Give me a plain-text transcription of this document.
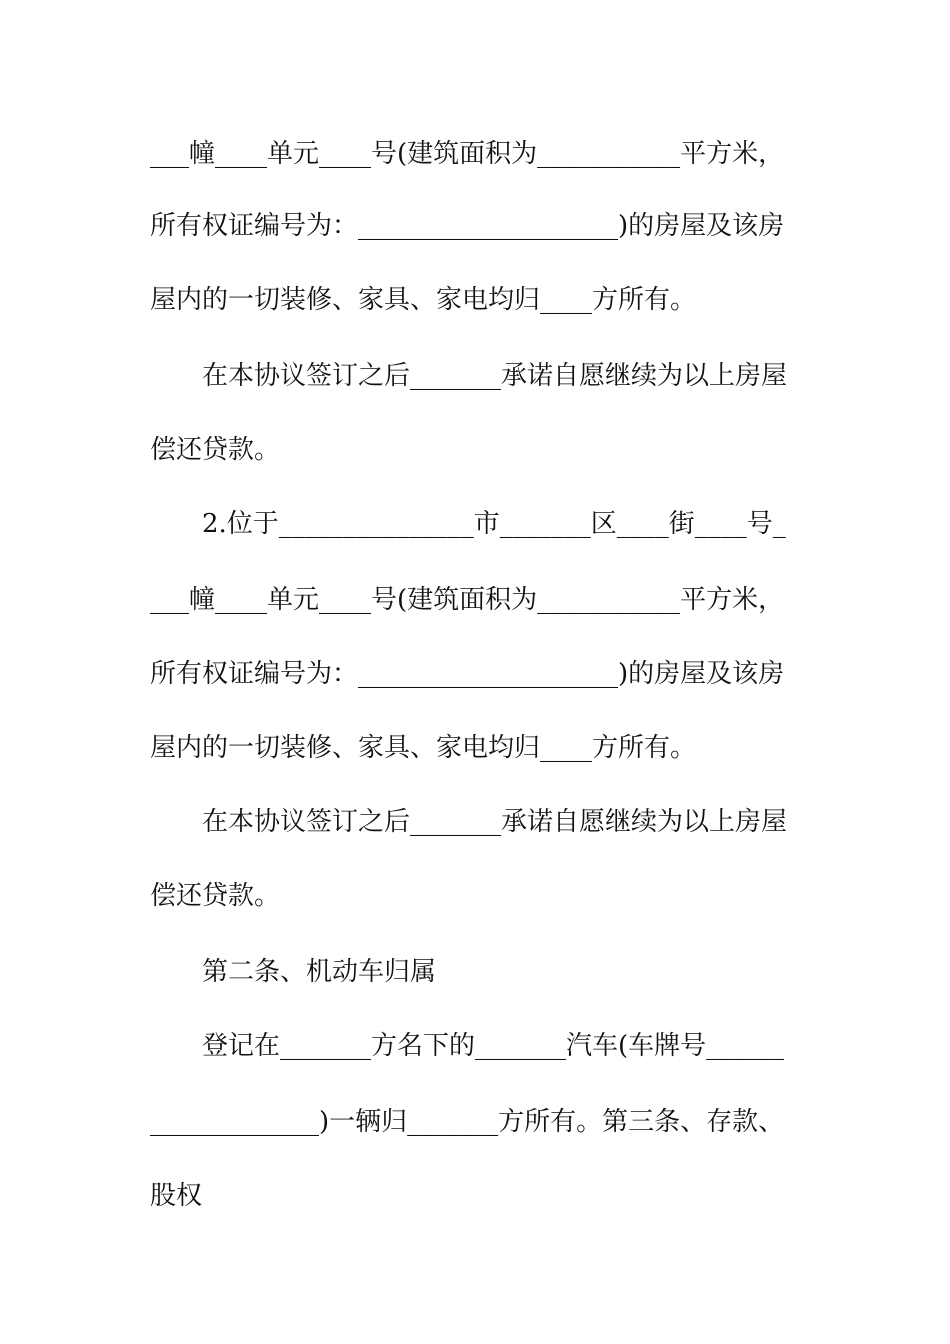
___幢____单元____号(建筑面积为___________平方米，
所有权证编号为：____________________)的房屋及该房
屋内的一切装修、家具、家电均归____方所有。
在本协议签订之后_______承诺自愿继续为以上房屋
偿还贷款。
2.位于_______________市_______区____街____号_
___幢____单元____号(建筑面积为___________平方米，
所有权证编号为：____________________)的房屋及该房
屋内的一切装修、家具、家电均归____方所有。
在本协议签订之后_______承诺自愿继续为以上房屋
偿还贷款。
第二条、机动车归属
登记在_______方名下的_______汽车(车牌号______
_____________)一辆归_______方所有。第三条、存款、
股权
